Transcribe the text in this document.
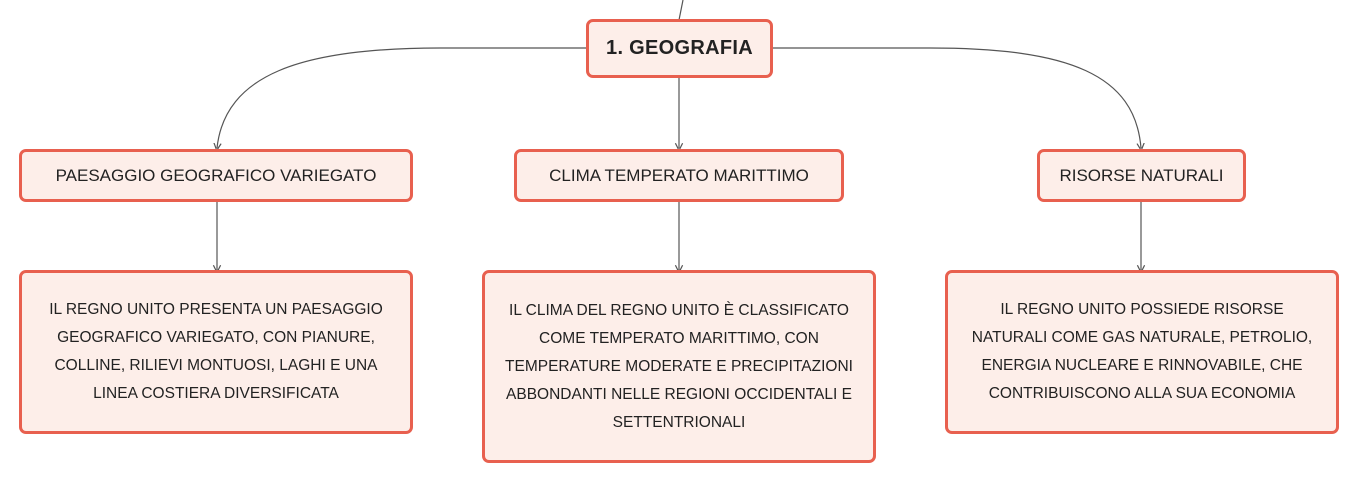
1. GEOGRAFIA
PAESAGGIO GEOGRAFICO VARIEGATO	CLIMA TEMPERATO MARITTIMO	RISORSE NATURALI
IL REGNO UNITO PRESENTA UN PAESAGGIO
GEOGRAFICO VARIEGATO, CON PIANURE,
COLLINE, RILIEVI MONTUOSI, LAGHI E UNA
LINEA COSTIERA DIVERSIFICATA
IL CLIMA DEL REGNO UNITO È CLASSIFICATO
COME TEMPERATO MARITTIMO, CON
TEMPERATURE MODERATE E PRECIPITAZIONI
ABBONDANTI NELLE REGIONI OCCIDENTALI E
SETTENTRIONALI
IL REGNO UNITO POSSIEDE RISORSE
NATURALI COME GAS NATURALE, PETROLIO,
ENERGIA NUCLEARE E RINNOVABILE, CHE
CONTRIBUISCONO ALLA SUA ECONOMIA
